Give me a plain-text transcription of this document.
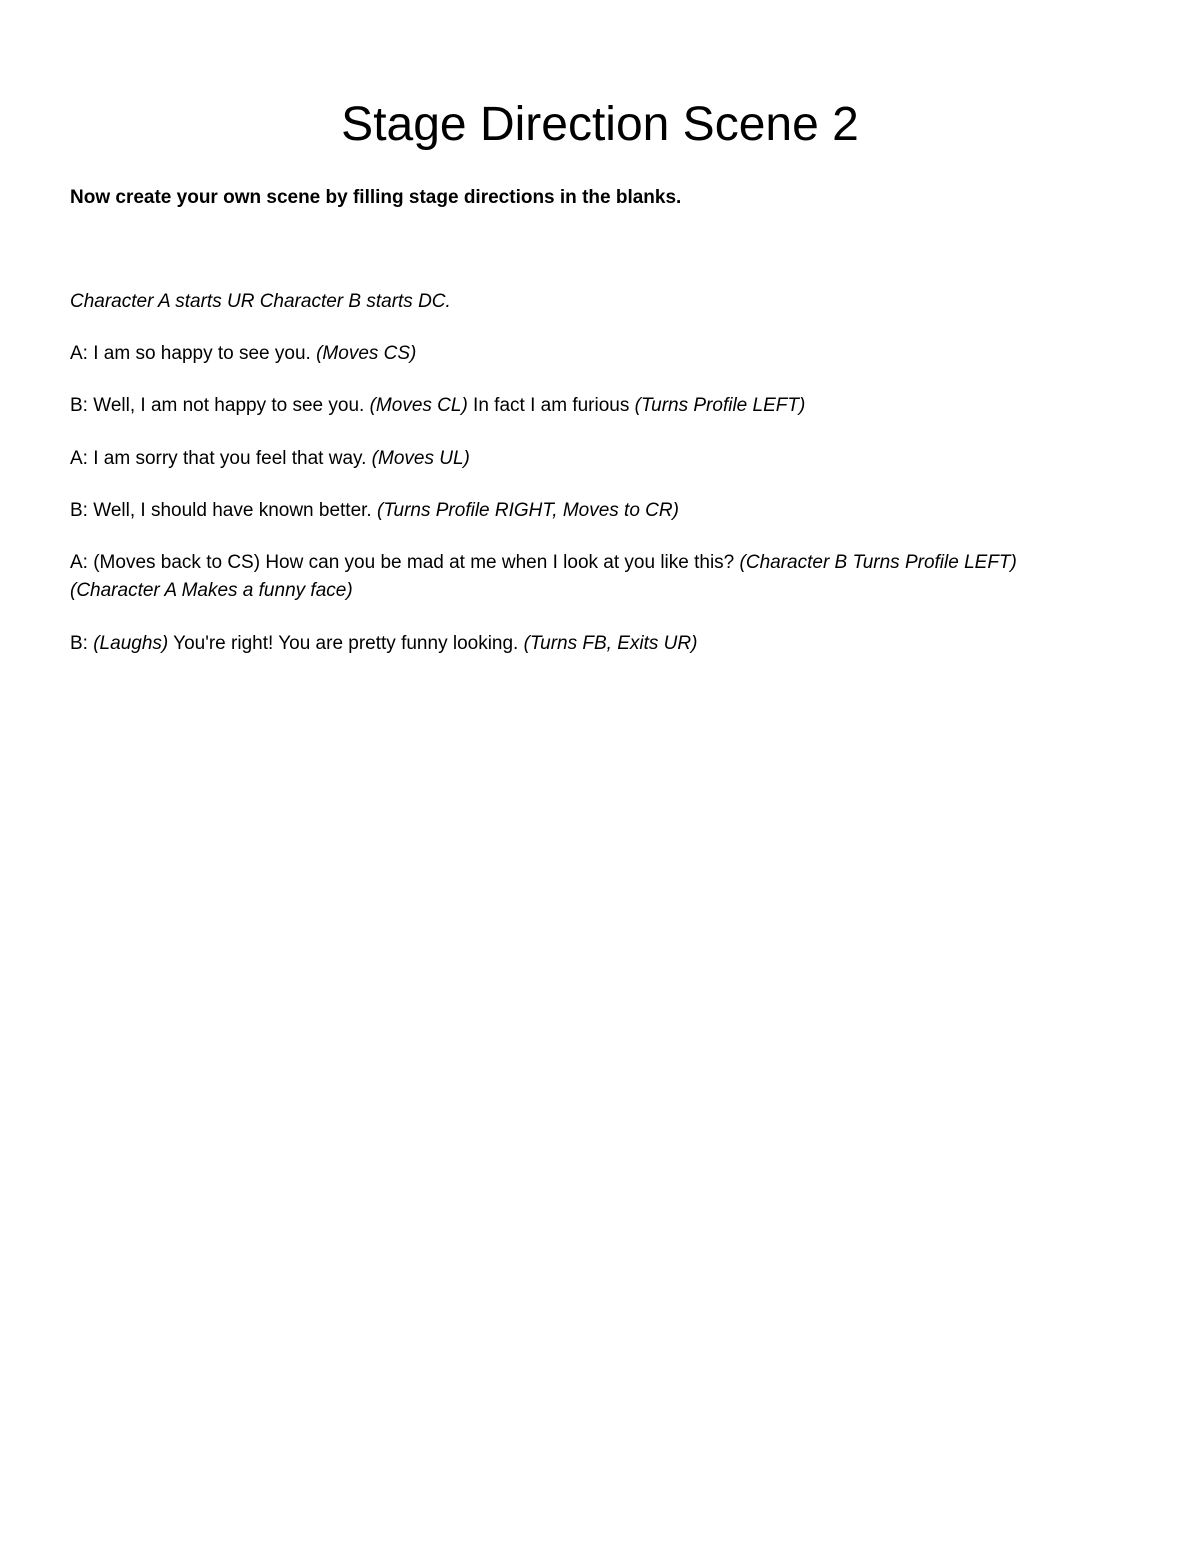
Stage Direction Scene 2

Now create your own scene by filling stage directions in the blanks.

Character A starts UR Character B starts DC.

A: I am so happy to see you. (Moves CS)

B: Well, I am not happy to see you. (Moves CL) In fact I am furious (Turns Profile LEFT)

A: I am sorry that you feel that way. (Moves UL)

B: Well, I should have known better. (Turns Profile RIGHT, Moves to CR)

A: (Moves back to CS) How can you be mad at me when I look at you like this? (Character B Turns Profile LEFT) (Character A Makes a funny face)

B: (Laughs) You're right! You are pretty funny looking. (Turns FB, Exits UR)
